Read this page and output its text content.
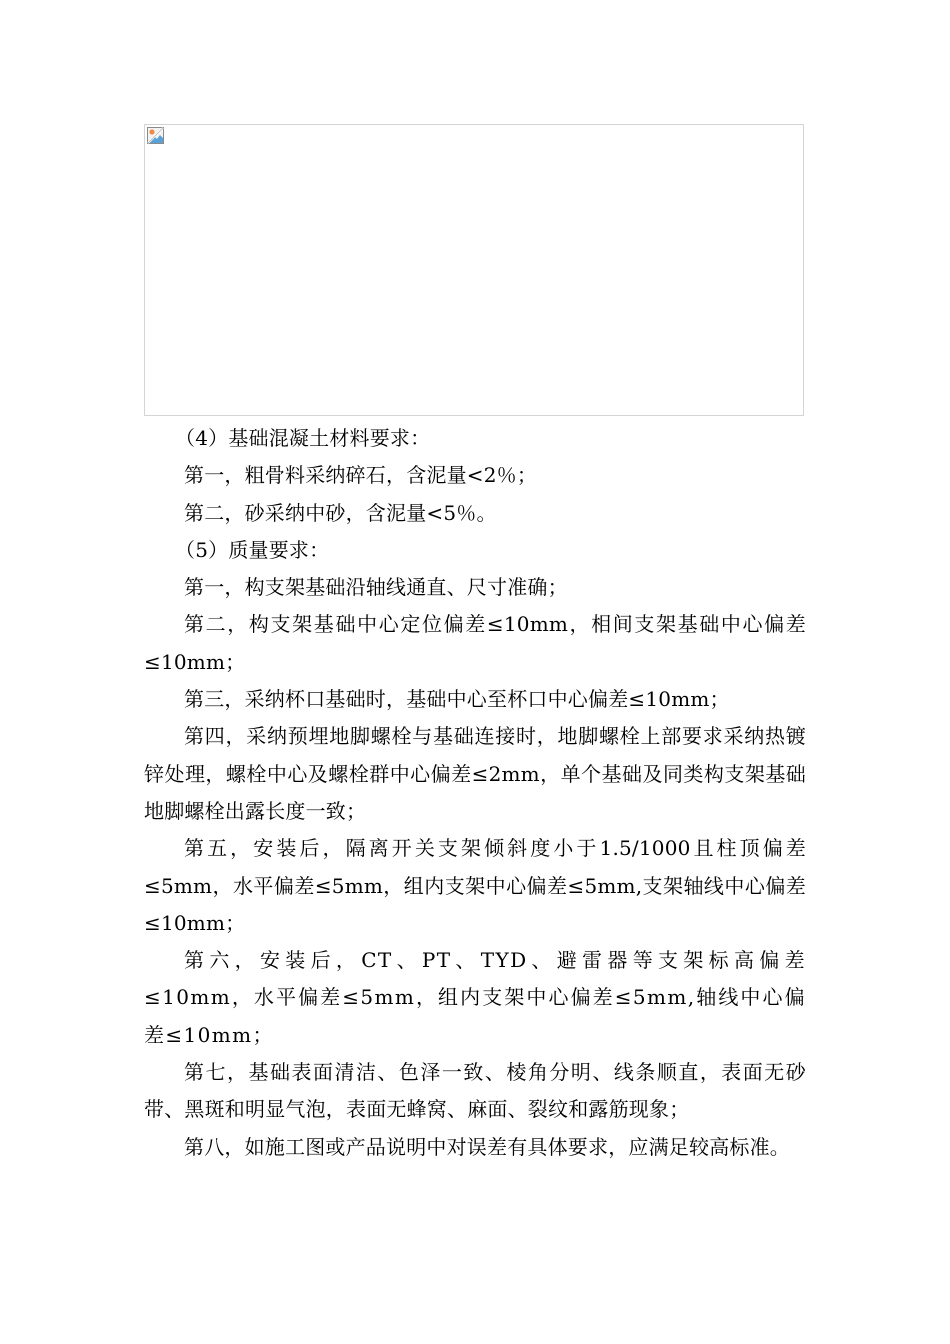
（4）基础混凝土材料要求：

第一，粗骨料采纳碎石，含泥量<2％；

第二，砂采纳中砂，含泥量<5％。

（5）质量要求：

第一，构支架基础沿轴线通直、尺寸准确；

第二，构支架基础中心定位偏差≤10mm，相间支架基础中心偏差≤10mm；

第三，采纳杯口基础时，基础中心至杯口中心偏差≤10mm；

第四，采纳预埋地脚螺栓与基础连接时，地脚螺栓上部要求采纳热镀锌处理，螺栓中心及螺栓群中心偏差≤2mm，单个基础及同类构支架基础地脚螺栓出露长度一致；

第五，安装后，隔离开关支架倾斜度小于1.5/1000且柱顶偏差≤5mm，水平偏差≤5mm，组内支架中心偏差≤5mm,支架轴线中心偏差≤10mm；

第六，安装后，CT、PT、TYD、避雷器等支架标高偏差≤10mm，水平偏差≤5mm，组内支架中心偏差≤5mm,轴线中心偏差≤10mm；

第七，基础表面清洁、色泽一致、棱角分明、线条顺直，表面无砂带、黑斑和明显气泡，表面无蜂窝、麻面、裂纹和露筋现象；

第八，如施工图或产品说明中对误差有具体要求，应满足较高标准。
